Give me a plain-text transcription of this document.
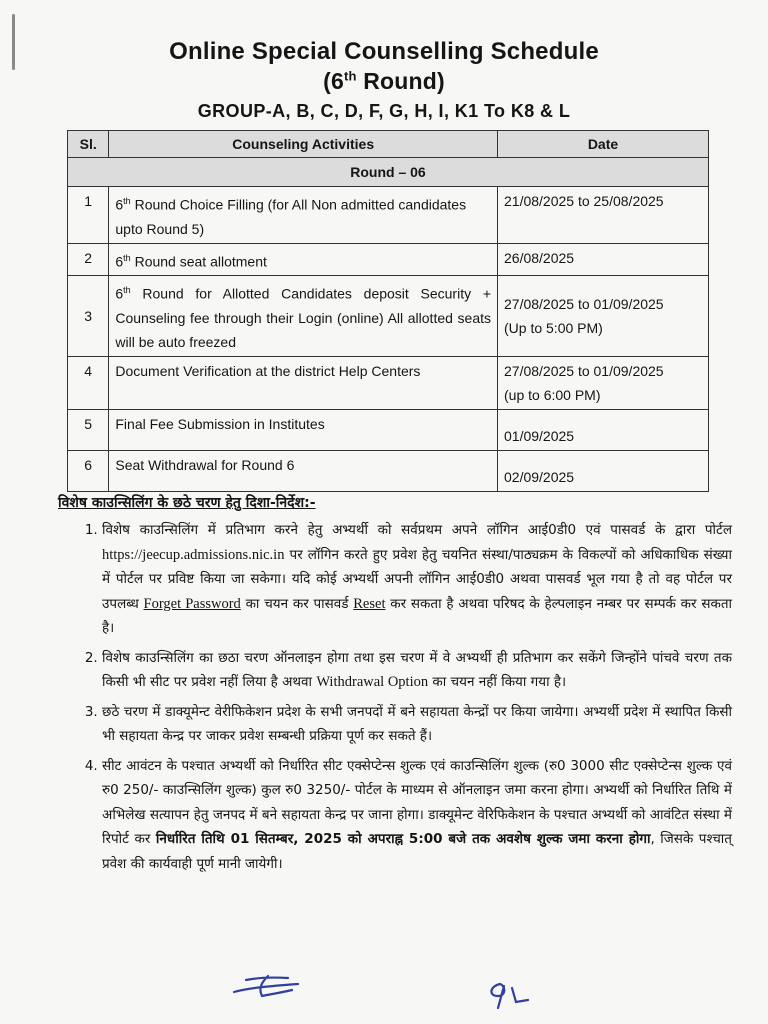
Online Special Counselling Schedule
(6th Round)
GROUP-A, B, C, D, F, G, H, I, K1 To K8 & L
Sl.	Counseling Activities	Date
Round – 06		
1	6th Round Choice Filling (for All Non admitted candidates upto Round 5)	21/08/2025 to 25/08/2025
2	6th Round seat allotment	26/08/2025
3	6th Round for Allotted Candidates deposit Security + Counseling fee through their Login (online) All allotted seats will be auto freezed	27/08/2025 to 01/09/2025
(Up to 5:00 PM)

4	Document Verification at the district Help Centers	27/08/2025 to 01/09/2025
(up to 6:00 PM)

5	Final Fee Submission in Institutes	01/09/2025
6	Seat Withdrawal for Round 6	02/09/2025
विशेष काउन्सिलिंग के छठे चरण हेतु दिशा-निर्देश:-
1. विशेष काउन्सिलिंग में प्रतिभाग करने हेतु अभ्यर्थी को सर्वप्रथम अपने लॉगिन आई0डी0 एवं पासवर्ड के द्वारा पोर्टल https://jeecup.admissions.nic.in पर लॉगिन करते हुए प्रवेश हेतु चयनित संस्था/पाठ्यक्रम के विकल्पों को अधिकाधिक संख्या में पोर्टल पर प्रविष्ट किया जा सकेगा। यदि कोई अभ्यर्थी अपनी लॉगिन आई0डी0 अथवा पासवर्ड भूल गया है तो वह पोर्टल पर उपलब्ध Forget Password का चयन कर पासवर्ड Reset कर सकता है अथवा परिषद के हेल्पलाइन नम्बर पर सम्पर्क कर सकता है।
2. विशेष काउन्सिलिंग का छठा चरण ऑनलाइन होगा तथा इस चरण में वे अभ्यर्थी ही प्रतिभाग कर सकेंगे जिन्होंने पांचवे चरण तक किसी भी सीट पर प्रवेश नहीं लिया है अथवा Withdrawal Option का चयन नहीं किया गया है।
3. छठे चरण में डाक्यूमेन्ट वेरीफिकेशन प्रदेश के सभी जनपदों में बने सहायता केन्द्रों पर किया जायेगा। अभ्यर्थी प्रदेश में स्थापित किसी भी सहायता केन्द्र पर जाकर प्रवेश सम्बन्धी प्रक्रिया पूर्ण कर सकते हैं।
4. सीट आवंटन के पश्चात अभ्यर्थी को निर्धारित सीट एक्सेप्टेन्स शुल्क एवं काउन्सिलिंग शुल्क (रु0 3000 सीट एक्सेप्टेन्स शुल्क एवं रु0 250/- काउन्सिलिंग शुल्क) कुल रु0 3250/- पोर्टल के माध्यम से ऑनलाइन जमा करना होगा। अभ्यर्थी को निर्धारित तिथि में अभिलेख सत्यापन हेतु जनपद में बने सहायता केन्द्र पर जाना होगा। डाक्यूमेन्ट वेरिफिकेशन के पश्चात अभ्यर्थी को आवंटित संस्था में रिपोर्ट कर निर्धारित तिथि 01 सितम्बर, 2025 को अपराह्न 5:00 बजे तक अवशेष शुल्क जमा करना होगा, जिसके पश्चात् प्रवेश की कार्यवाही पूर्ण मानी जायेगी।
